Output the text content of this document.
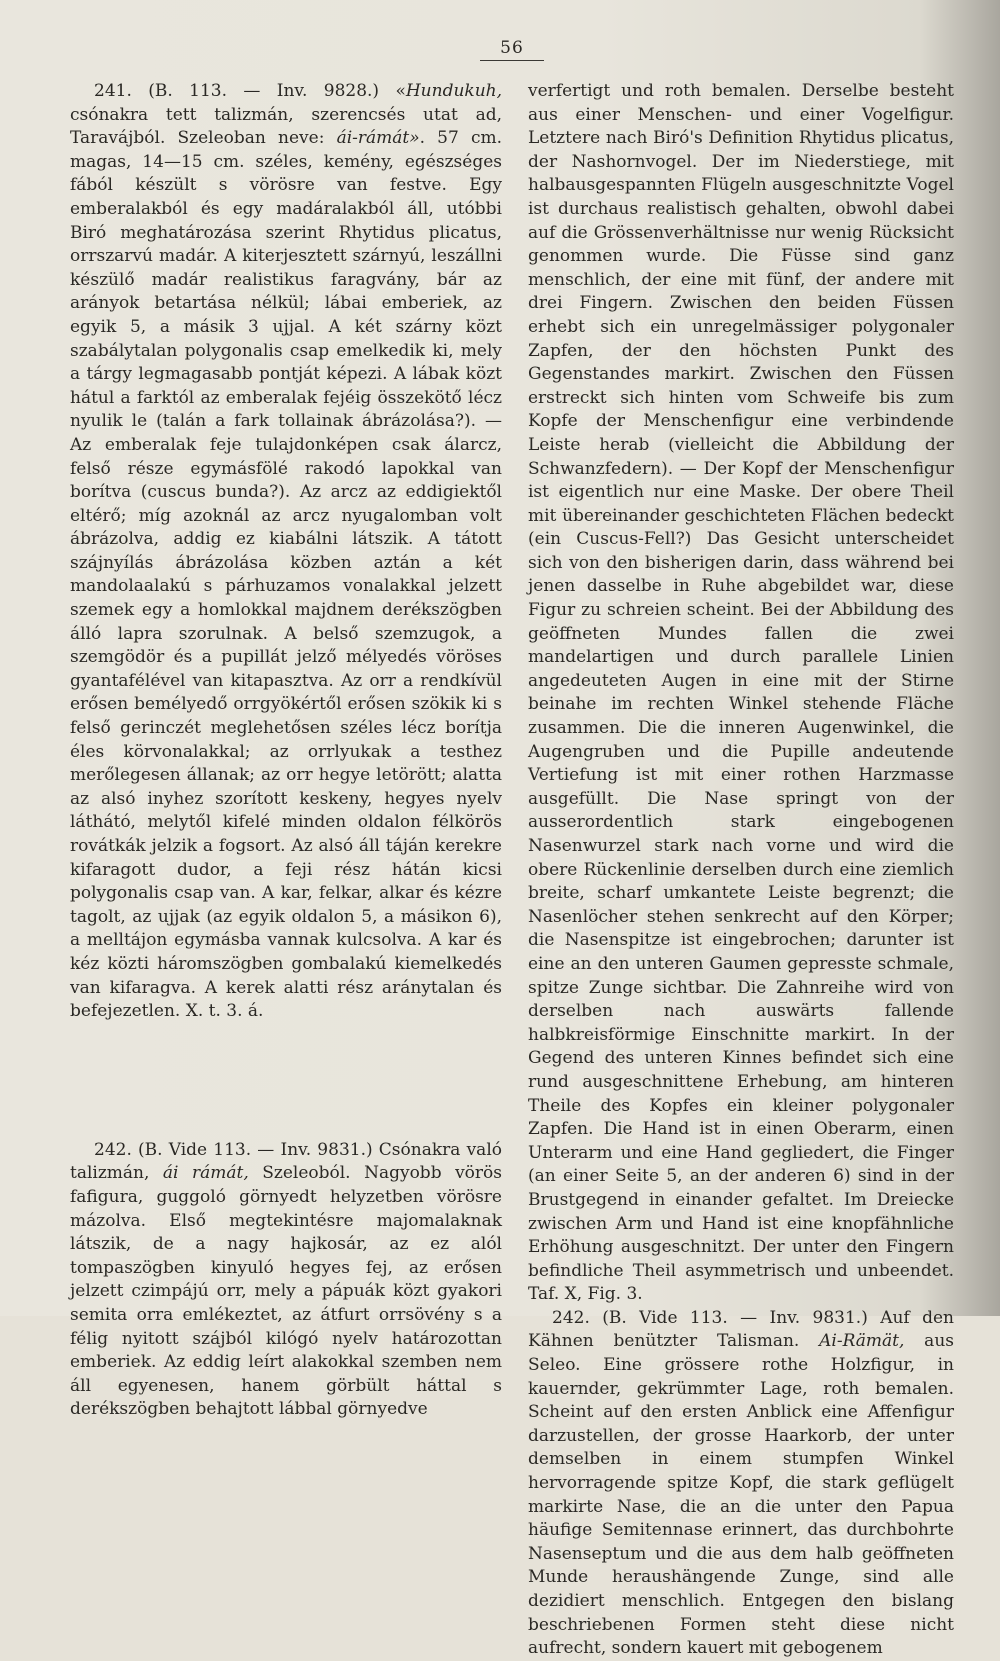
56

241. (B. 113. — Inv. 9828.) «Hundukuh, csónakra tett talizmán, szerencsés utat ad, Taravájból. Szeleoban neve: ái-rámát». 57 cm. magas, 14—15 cm. széles, kemény, egészséges fából készült s vörösre van festve. Egy emberalakból és egy madáralakból áll, utóbbi Biró meghatározása szerint Rhytidus plicatus, orrszarvú madár. A kiterjesztett szárnyú, leszállni készülő madár realistikus faragvány, bár az arányok betartása nélkül; lábai emberiek, az egyik 5, a másik 3 ujjal. A két szárny közt szabálytalan polygonalis csap emelkedik ki, mely a tárgy legmagasabb pontját képezi. A lábak közt hátul a farktól az emberalak fejéig összekötő lécz nyulik le (talán a fark tollainak ábrázolása?). — Az emberalak feje tulajdonképen csak álarcz, felső része egymásfölé rakodó lapokkal van borítva (cuscus bunda?). Az arcz az eddigiektől eltérő; míg azoknál az arcz nyugalomban volt ábrázolva, addig ez kiabálni látszik. A tátott szájnyílás ábrázolása közben aztán a két mandolaalakú s párhuzamos vonalakkal jelzett szemek egy a homlokkal majdnem derékszögben álló lapra szorulnak. A belső szemzugok, a szemgödör és a pupillát jelző mélyedés vöröses gyantafélével van kitapasztva. Az orr a rendkívül erősen bemélyedő orrgyökértől erősen szökik ki s felső gerinczét meglehetősen széles lécz borítja éles körvonalakkal; az orrlyukak a testhez merőlegesen állanak; az orr hegye letörött; alatta az alsó inyhez szorított keskeny, hegyes nyelv láthátó, melytől kifelé minden oldalon félkörös rovátkák jelzik a fogsort. Az alsó áll táján kerekre kifaragott dudor, a feji rész hátán kicsi polygonalis csap van. A kar, felkar, alkar és kézre tagolt, az ujjak (az egyik oldalon 5, a másikon 6), a melltájon egymásba vannak kulcsolva. A kar és kéz közti háromszögben gombalakú kiemelkedés van kifaragva. A kerek alatti rész aránytalan és befejezetlen. X. t. 3. á.

242. (B. Vide 113. — Inv. 9831.) Csónakra való talizmán, ái rámát, Szeleoból. Nagyobb vörös fafigura, guggoló görnyedt helyzetben vörösre mázolva. Első megtekintésre majomalaknak látszik, de a nagy hajkosár, az ez alól tompaszögben kinyuló hegyes fej, az erősen jelzett czimpájú orr, mely a pápuák közt gyakori semita orra emlékeztet, az átfurt orrsövény s a félig nyitott szájból kilógó nyelv határozottan emberiek. Az eddig leírt alakokkal szemben nem áll egyenesen, hanem görbült háttal s derékszögben behajtott lábbal görnyedve

verfertigt und roth bemalen. Derselbe besteht aus einer Menschen- und einer Vogelfigur. Letztere nach Biró's Definition Rhytidus plicatus, der Nashornvogel. Der im Niederstiege, mit halbausgespannten Flügeln ausgeschnitzte Vogel ist durchaus realistisch gehalten, obwohl dabei auf die Grössenverhältnisse nur wenig Rücksicht genommen wurde. Die Füsse sind ganz menschlich, der eine mit fünf, der andere mit drei Fingern. Zwischen den beiden Füssen erhebt sich ein unregelmässiger polygonaler Zapfen, der den höchsten Punkt des Gegenstandes markirt. Zwischen den Füssen erstreckt sich hinten vom Schweife bis zum Kopfe der Menschenfigur eine verbindende Leiste herab (vielleicht die Abbildung der Schwanzfedern). — Der Kopf der Menschenfigur ist eigentlich nur eine Maske. Der obere Theil mit übereinander geschichteten Flächen bedeckt (ein Cuscus-Fell?) Das Gesicht unterscheidet sich von den bisherigen darin, dass während bei jenen dasselbe in Ruhe abgebildet war, diese Figur zu schreien scheint. Bei der Abbildung des geöffneten Mundes fallen die zwei mandelartigen und durch parallele Linien angedeuteten Augen in eine mit der Stirne beinahe im rechten Winkel stehende Fläche zusammen. Die die inneren Augenwinkel, die Augengruben und die Pupille andeutende Vertiefung ist mit einer rothen Harzmasse ausgefüllt. Die Nase springt von der ausserordentlich stark eingebogenen Nasenwurzel stark nach vorne und wird die obere Rückenlinie derselben durch eine ziemlich breite, scharf umkantete Leiste begrenzt; die Nasenlöcher stehen senkrecht auf den Körper; die Nasenspitze ist eingebrochen; darunter ist eine an den unteren Gaumen gepresste schmale, spitze Zunge sichtbar. Die Zahnreihe wird von derselben nach auswärts fallende halbkreisförmige Einschnitte markirt. In der Gegend des unteren Kinnes befindet sich eine rund ausgeschnittene Erhebung, am hinteren Theile des Kopfes ein kleiner polygonaler Zapfen. Die Hand ist in einen Oberarm, einen Unterarm und eine Hand gegliedert, die Finger (an einer Seite 5, an der anderen 6) sind in der Brustgegend in einander gefaltet. Im Dreiecke zwischen Arm und Hand ist eine knopfähnliche Erhöhung ausgeschnitzt. Der unter den Fingern befindliche Theil asymmetrisch und unbeendet. Taf. X, Fig. 3.

242. (B. Vide 113. — Inv. 9831.) Auf den Kähnen benützter Talisman. Ai-Rämät, aus Seleo. Eine grössere rothe Holzfigur, in kauernder, gekrümmter Lage, roth bemalen. Scheint auf den ersten Anblick eine Affenfigur darzustellen, der grosse Haarkorb, der unter demselben in einem stumpfen Winkel hervorragende spitze Kopf, die stark geflügelt markirte Nase, die an die unter den Papua häufige Semitennase erinnert, das durchbohrte Nasenseptum und die aus dem halb geöffneten Munde heraushängende Zunge, sind alle dezidiert menschlich. Entgegen den bislang beschriebenen Formen steht diese nicht aufrecht, sondern kauert mit gebogenem
